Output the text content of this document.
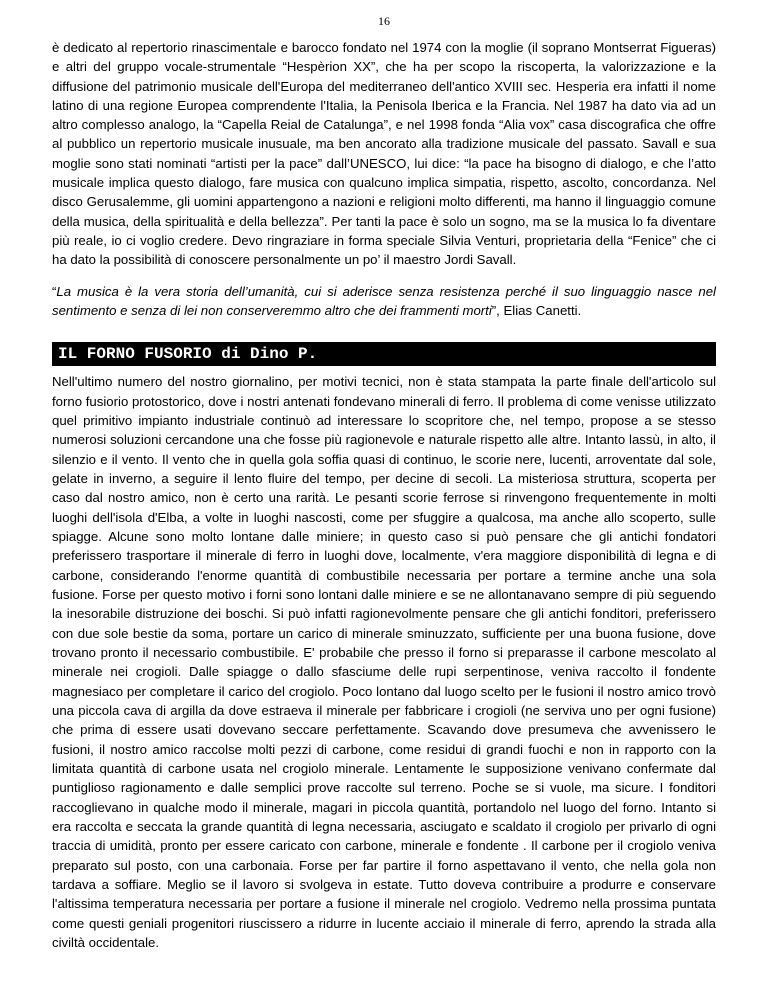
16

è dedicato al repertorio rinascimentale e barocco fondato nel 1974 con la moglie (il soprano Montserrat Figueras) e altri del gruppo vocale-strumentale “Hespèrion XX”, che ha per scopo la riscoperta, la valorizzazione e la diffusione del patrimonio musicale dell'Europa del mediterraneo dell'antico XVIII sec. Hesperia era infatti il nome latino di una regione Europea comprendente l'Italia, la Penisola Iberica e la Francia. Nel 1987 ha dato via ad un altro complesso analogo, la “Capella Reial de Catalunga”, e nel 1998 fonda “Alia vox” casa discografica che offre al pubblico un repertorio musicale inusuale, ma ben ancorato alla tradizione musicale del passato. Savall e sua moglie sono stati nominati “artisti per la pace” dall’UNESCO, lui dice: “la pace ha bisogno di dialogo, e che l’atto musicale implica questo dialogo, fare musica con qualcuno implica simpatia, rispetto, ascolto, concordanza. Nel disco Gerusalemme, gli uomini appartengono a nazioni e religioni molto differenti, ma hanno il linguaggio comune della musica, della spiritualità e della bellezza”. Per tanti la pace è solo un sogno, ma se la musica lo fa diventare più reale, io ci voglio credere. Devo ringraziare in forma speciale Silvia Venturi, proprietaria della “Fenice” che ci ha dato la possibilità di conoscere personalmente un po’ il maestro Jordi Savall.

“La musica è la vera storia dell’umanità, cui si aderisce senza resistenza perché il suo linguaggio nasce nel sentimento e senza di lei non conserveremmo altro che dei frammenti morti”, Elias Canetti.

IL FORNO FUSORIO di Dino P.

Nell'ultimo numero del nostro giornalino, per motivi tecnici, non è stata stampata la parte finale dell'articolo sul forno fusiorio protostorico, dove i nostri antenati fondevano minerali di ferro. Il problema di come venisse utilizzato quel primitivo impianto industriale continuò ad interessare lo scopritore che, nel tempo, propose a se stesso numerosi soluzioni cercandone una che fosse più ragionevole e naturale rispetto alle altre. Intanto lassù, in alto, il silenzio e il vento. Il vento che in quella gola soffia quasi di continuo, le scorie nere, lucenti, arroventate dal sole, gelate in inverno, a seguire il lento fluire del tempo, per decine di secoli. La misteriosa struttura, scoperta per caso dal nostro amico, non è certo una rarità. Le pesanti scorie ferrose si rinvengono frequentemente in molti luoghi dell'isola d'Elba, a volte in luoghi nascosti, come per sfuggire a qualcosa, ma anche allo scoperto, sulle spiagge. Alcune sono molto lontane dalle miniere; in questo caso si può pensare che gli antichi fondatori preferissero trasportare il minerale di ferro in luoghi dove, localmente, v'era maggiore disponibilità di legna e di carbone, considerando l'enorme quantità di combustibile necessaria per portare a termine anche una sola fusione. Forse per questo motivo i forni sono lontani dalle miniere e se ne allontanavano sempre di più seguendo la inesorabile distruzione dei boschi. Si può infatti ragionevolmente pensare che gli antichi fonditori, preferissero con due sole bestie da soma, portare un carico di minerale sminuzzato, sufficiente per una buona fusione, dove trovano pronto il necessario combustibile. E' probabile che presso il forno si preparasse il carbone mescolato al minerale nei crogioli. Dalle spiagge o dallo sfasciume delle rupi serpentinose, veniva raccolto il fondente magnesiaco per completare il carico del crogiolo. Poco lontano dal luogo scelto per le fusioni il nostro amico trovò una piccola cava di argilla da dove estraeva il minerale per fabbricare i crogioli (ne serviva uno per ogni fusione) che prima di essere usati dovevano seccare perfettamente. Scavando dove presumeva che avvenissero le fusioni, il nostro amico raccolse molti pezzi di carbone, come residui di grandi fuochi e non in rapporto con la limitata quantità di carbone usata nel crogiolo minerale. Lentamente le supposizione venivano confermate dal puntiglioso ragionamento e dalle semplici prove raccolte sul terreno. Poche se si vuole, ma sicure. I fonditori raccoglievano in qualche modo il minerale, magari in piccola quantità, portandolo nel luogo del forno. Intanto si era raccolta e seccata la grande quantità di legna necessaria, asciugato e scaldato il crogiolo per privarlo di ogni traccia di umidità, pronto per essere caricato con carbone, minerale e fondente . Il carbone per il crogiolo veniva preparato sul posto, con una carbonaia. Forse per far partire il forno aspettavano il vento, che nella gola non tardava a soffiare. Meglio se il lavoro si svolgeva in estate. Tutto doveva contribuire a produrre e conservare l'altissima temperatura necessaria per portare a fusione il minerale nel crogiolo. Vedremo nella prossima puntata come questi geniali progenitori riuscissero a ridurre in lucente acciaio il minerale di ferro, aprendo la strada alla civiltà occidentale.
